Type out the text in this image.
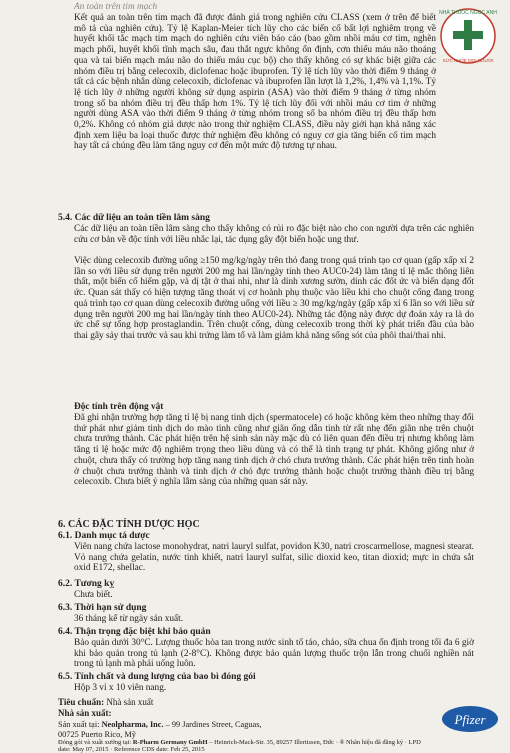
NHÀ THUỐC NGỌC ANH
SỨC KHỎE MỌI NGƯỜI
An toàn trên tim mạch
Kết quả an toàn trên tim mạch đã được đánh giá trong nghiên cứu CLASS (xem ở trên để biết mô tả của nghiên cứu). Tỷ lệ Kaplan-Meier tích lũy cho các biến cố bất lợi nghiêm trọng về huyết khối tắc mạch tim mạch do nghiên cứu viên báo cáo (bao gồm nhồi máu cơ tim, nghẽn mạch phổi, huyết khối tĩnh mạch sâu, đau thắt ngực không ổn định, cơn thiếu máu não thoáng qua và tai biến mạch máu não do thiếu máu cục bộ) cho thấy không có sự khác biệt giữa các nhóm điều trị bằng celecoxib, diclofenac hoặc ibuprofen. Tỷ lệ tích lũy vào thời điểm 9 tháng ở tất cả các bệnh nhân dùng celecoxib, diclofenac và ibuprofen lần lượt là 1,2%, 1,4% và 1,1%. Tỷ lệ tích lũy ở những người không sử dụng aspirin (ASA) vào thời điểm 9 tháng ở từng nhóm trong số ba nhóm điều trị đều thấp hơn 1%. Tỷ lệ tích lũy đối với nhồi máu cơ tim ở những người dùng ASA vào thời điểm 9 tháng ở từng nhóm trong số ba nhóm điều trị đều thấp hơn 0,2%. Không có nhóm giả dược nào trong thử nghiệm CLASS, điều này giới hạn khả năng xác định xem liệu ba loại thuốc được thử nghiệm đều không có nguy cơ gia tăng biến cố tim mạch hay tất cả chúng đều làm tăng nguy cơ đến một mức độ tương tự nhau.
5.4. Các dữ liệu an toàn tiền lâm sàng
Các dữ liệu an toàn tiền lâm sàng cho thấy không có rủi ro đặc biệt nào cho con người dựa trên các nghiên cứu cơ bản về độc tính với liều nhắc lại, tác dụng gây đột biến hoặc ung thư.
Việc dùng celecoxib đường uống ≥150 mg/kg/ngày trên thỏ đang trong quá trình tạo cơ quan (gấp xấp xỉ 2 lần so với liều sử dụng trên người 200 mg hai lần/ngày tính theo AUC0-24) làm tăng tỉ lệ mắc thông liên thất, một biến cố hiếm gặp, và dị tật ở thai nhi, như là dính xương sườn, dính các đốt ức và biến dạng đốt ức. Quan sát thấy có hiện tượng tăng thoát vị cơ hoành phụ thuộc vào liều khi cho chuột cống đang trong quá trình tạo cơ quan dùng celecoxib đường uống với liều ≥ 30 mg/kg/ngày (gấp xấp xỉ 6 lần so với liều sử dụng trên người 200 mg hai lần/ngày tính theo AUC0-24). Những tác động này được dự đoán xảy ra là do ức chế sự tổng hợp prostaglandin. Trên chuột cống, dùng celecoxib trong thời kỳ phát triển đầu của bào thai gây sảy thai trước và sau khi trứng làm tổ và làm giảm khả năng sống sót của phôi thai/thai nhi.
Độc tính trên động vật
Đã ghi nhận trường hợp tăng tỉ lệ bị nang tinh dịch (spermatocele) có hoặc không kèm theo những thay đổi thứ phát như giảm tinh dịch do mào tinh cũng như giãn ống dẫn tinh từ rất nhẹ đến giãn nhẹ trên chuột chưa trưởng thành. Các phát hiện trên hệ sinh sản này mặc dù có liên quan đến điều trị nhưng không làm tăng tỉ lệ hoặc mức độ nghiêm trọng theo liều dùng và có thể là tình trạng tự phát. Không giống như ở chuột, chưa thấy có trường hợp tăng nang tinh dịch ở chó chưa trưởng thành. Các phát hiện trên tinh hoàn ở chuột chưa trưởng thành và tinh dịch ở chó đực trưởng thành hoặc chuột trưởng thành điều trị bằng celecoxib. Chưa biết ý nghĩa lâm sàng của những quan sát này.
6. CÁC ĐẶC TÍNH DƯỢC HỌC
6.1. Danh mục tá dược
Viên nang chứa lactose monohydrat, natri lauryl sulfat, povidon K30, natri croscarmellose, magnesi stearat. Vỏ nang chứa gelatin, nước tinh khiết, natri lauryl sulfat, silic dioxid keo, titan dioxid; mực in chứa sắt oxid E172, shellac.
6.2. Tương kỵ
Chưa biết.
6.3. Thời hạn sử dụng
36 tháng kể từ ngày sản xuất.
6.4. Thận trọng đặc biệt khi bảo quản
Bảo quản dưới 30°C. Lượng thuốc hòa tan trong nước sinh tố táo, cháo, sữa chua ổn định trong tối đa 6 giờ khi bảo quản trong tủ lạnh (2-8°C). Không được bảo quản lượng thuốc trộn lẫn trong chuối nghiền nát trong tủ lạnh mà phải uống luôn.
6.5. Tính chất và dung lượng của bao bì đóng gói
Hộp 3 vỉ x 10 viên nang.
Tiêu chuẩn: Nhà sản xuất
Nhà sản xuất:
Sản xuất tại: Neolpharma, Inc. – 99 Jardines Street, Caguas,
00725 Puerto Rico, Mỹ
Đóng gói và xuất xưởng tại: R-Pharm Germany GmbH – Heinrich-Mack-Str. 35, 89257 Illertissen, Đức · ® Nhãn hiệu đã đăng ký · LPD date: May 07, 2015 · Reference CDS date: Feb 25, 2015
Pfizer
